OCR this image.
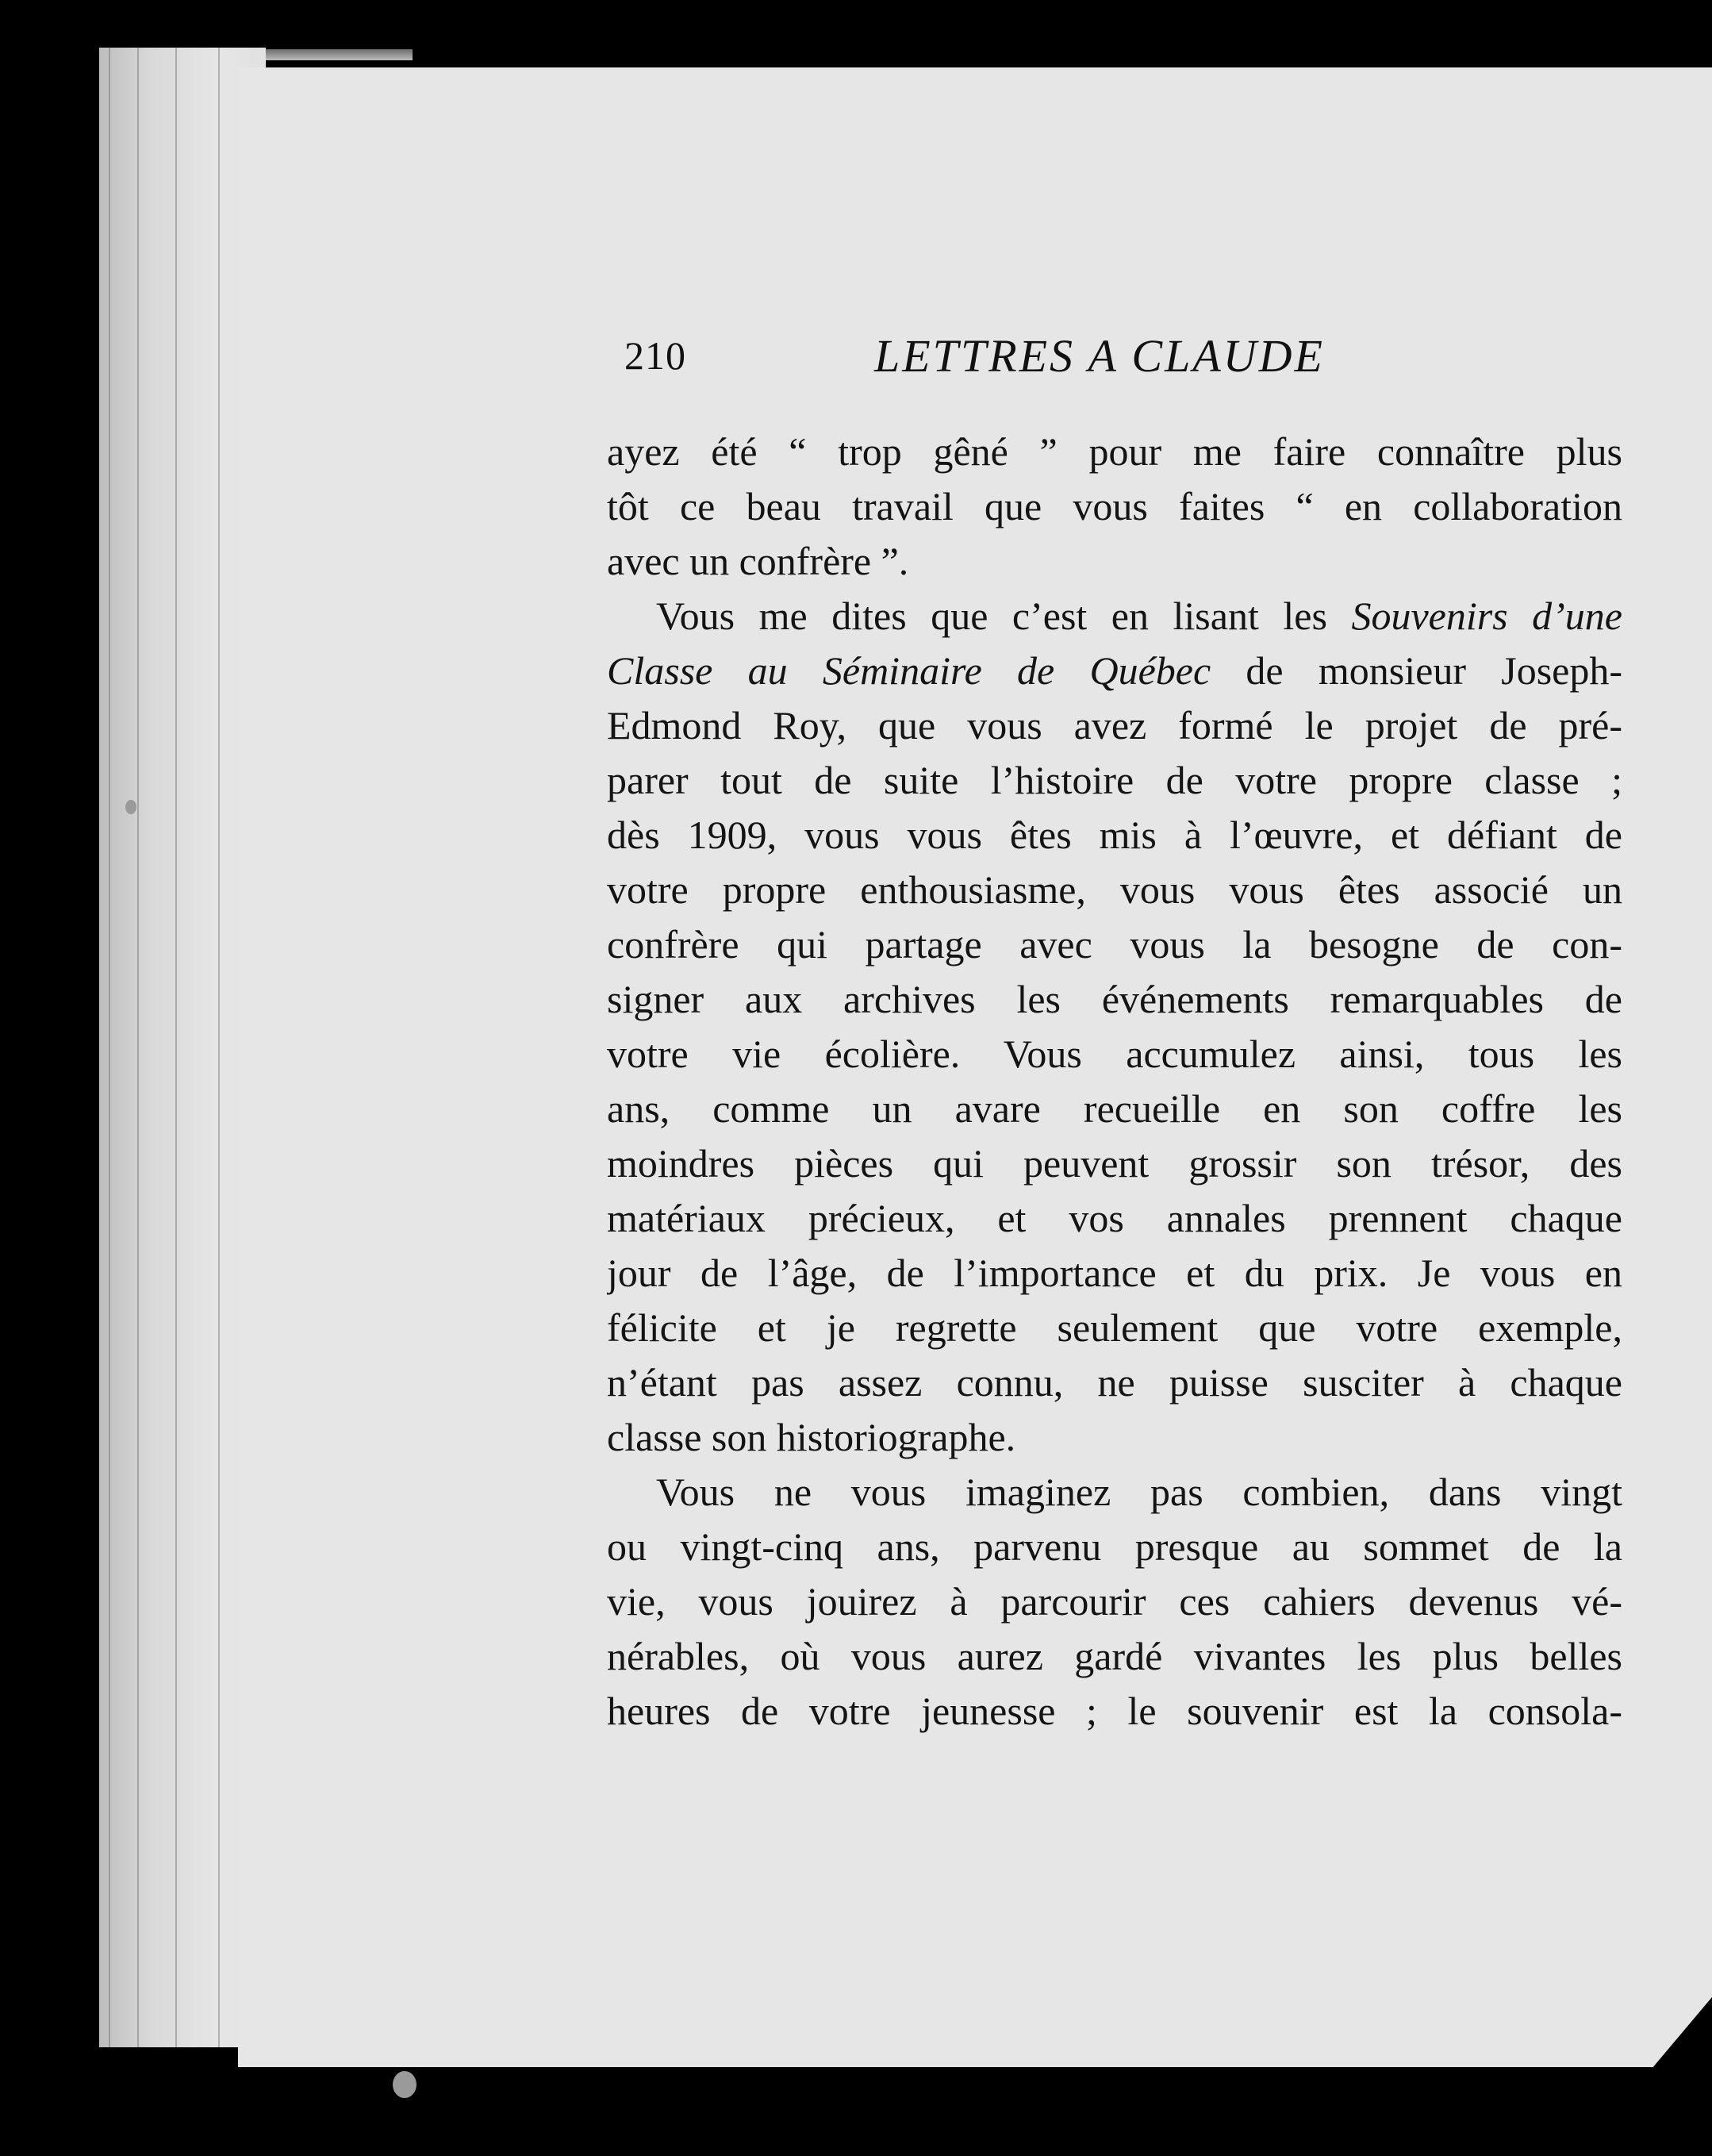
210	LETTRES A CLAUDE
ayez été “ trop gêné ” pour me faire connaître plus
tôt ce beau travail que vous faites “ en collaboration
avec un confrère ”.
Vous me dites que c’est en lisant les Souvenirs d’une
Classe au Séminaire de Québec de monsieur Joseph-
Edmond Roy, que vous avez formé le projet de pré-
parer tout de suite l’histoire de votre propre classe ;
dès 1909, vous vous êtes mis à l’œuvre, et défiant de
votre propre enthousiasme, vous vous êtes associé un
confrère qui partage avec vous la besogne de con-
signer aux archives les événements remarquables de
votre vie écolière. Vous accumulez ainsi, tous les
ans, comme un avare recueille en son coffre les
moindres pièces qui peuvent grossir son trésor, des
matériaux précieux, et vos annales prennent chaque
jour de l’âge, de l’importance et du prix. Je vous en
félicite et je regrette seulement que votre exemple,
n’étant pas assez connu, ne puisse susciter à chaque
classe son historiographe.
Vous ne vous imaginez pas combien, dans vingt
ou vingt-cinq ans, parvenu presque au sommet de la
vie, vous jouirez à parcourir ces cahiers devenus vé-
nérables, où vous aurez gardé vivantes les plus belles
heures de votre jeunesse ; le souvenir est la consola-
